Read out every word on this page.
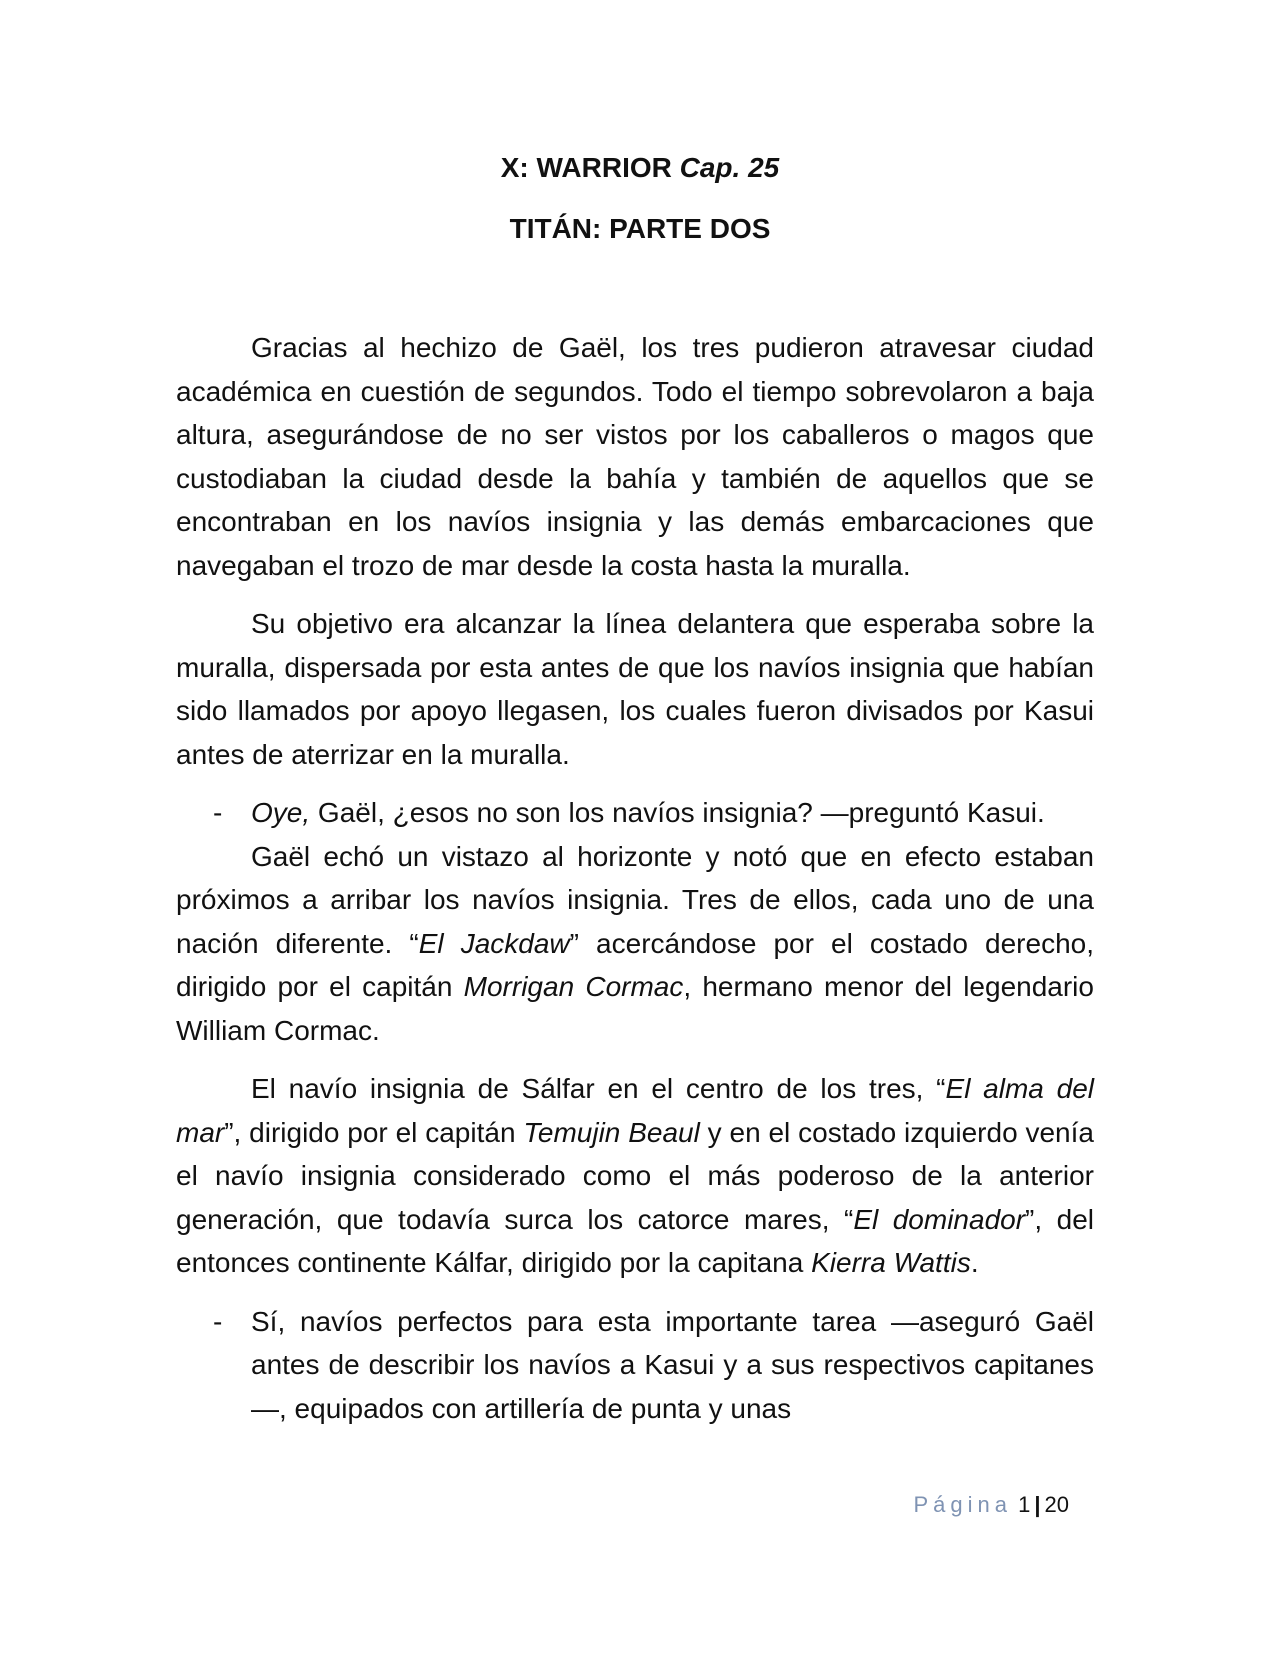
X: WARRIOR Cap. 25
TITÁN: PARTE DOS

Gracias al hechizo de Gaël, los tres pudieron atravesar ciudad académica en cuestión de segundos. Todo el tiempo sobrevolaron a baja altura, asegurándose de no ser vistos por los caballeros o magos que custodiaban la ciudad desde la bahía y también de aquellos que se encontraban en los navíos insignia y las demás embarcaciones que navegaban el trozo de mar desde la costa hasta la muralla.

Su objetivo era alcanzar la línea delantera que esperaba sobre la muralla, dispersada por esta antes de que los navíos insignia que habían sido llamados por apoyo llegasen, los cuales fueron divisados por Kasui antes de aterrizar en la muralla.

- Oye, Gaël, ¿esos no son los navíos insignia? —preguntó Kasui.

Gaël echó un vistazo al horizonte y notó que en efecto estaban próximos a arribar los navíos insignia. Tres de ellos, cada uno de una nación diferente. “El Jackdaw” acercándose por el costado derecho, dirigido por el capitán Morrigan Cormac, hermano menor del legendario William Cormac.

El navío insignia de Sálfar en el centro de los tres, “El alma del mar”, dirigido por el capitán Temujin Beaul y en el costado izquierdo venía el navío insignia considerado como el más poderoso de la anterior generación, que todavía surca los catorce mares, “El dominador”, del entonces continente Kálfar, dirigido por la capitana Kierra Wattis.

- Sí, navíos perfectos para esta importante tarea —aseguró Gaël antes de describir los navíos a Kasui y a sus respectivos capitanes—, equipados con artillería de punta y unas

Página 1 | 20
